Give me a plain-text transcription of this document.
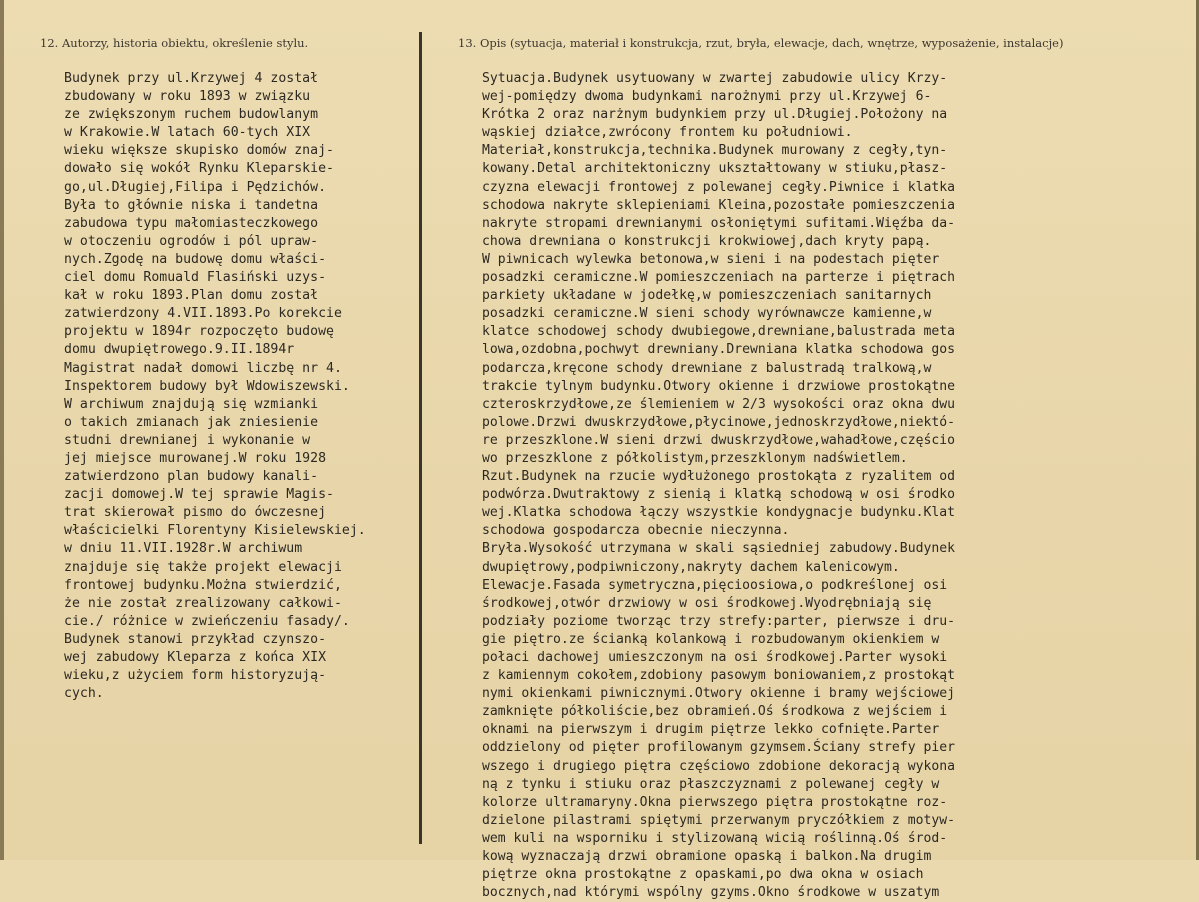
12. Autorzy, historia obiektu, określenie stylu.	13. Opis (sytuacja, materiał i konstrukcja, rzut, bryła, elewacje, dach, wnętrze, wyposażenie, instalacje)
Budynek przy ul.Krzywej 4 został
zbudowany w roku 1893 w związku
ze zwiększonym ruchem budowlanym
w Krakowie.W latach 60-tych XIX
wieku większe skupisko domów znaj-
dowało się wokół Rynku Kleparskie-
go,ul.Długiej,Filipa i Pędzichów.
Była to głównie niska i tandetna
zabudowa typu małomiasteczkowego
w otoczeniu ogrodów i pól upraw-
nych.Zgodę na budowę domu właści-
ciel domu Romuald Flasiński uzys-
kał w roku 1893.Plan domu został
zatwierdzony 4.VII.1893.Po korekcie
projektu w 1894r rozpoczęto budowę
domu dwupiętrowego.9.II.1894r
Magistrat nadał domowi liczbę nr 4.
Inspektorem budowy był Wdowiszewski.
W archiwum znajdują się wzmianki
o takich zmianach jak zniesienie
studni drewnianej i wykonanie w
jej miejsce murowanej.W roku 1928
zatwierdzono plan budowy kanali-
zacji domowej.W tej sprawie Magis-
trat skierował pismo do ówczesnej
właścicielki Florentyny Kisielewskiej.
w dniu 11.VII.1928r.W archiwum
znajduje się także projekt elewacji
frontowej budynku.Można stwierdzić,
że nie został zrealizowany całkowi-
cie./ różnice w zwieńczeniu fasady/.
Budynek stanowi przykład czynszo-
wej zabudowy Kleparza z końca XIX
wieku,z użyciem form historyzują-
cych.
Sytuacja.Budynek usytuowany w zwartej zabudowie ulicy Krzy-
wej-pomiędzy dwoma budynkami narożnymi przy ul.Krzywej 6-
Krótka 2 oraz narżnym budynkiem przy ul.Długiej.Położony na
wąskiej działce,zwrócony frontem ku południowi.
Materiał,konstrukcja,technika.Budynek murowany z cegły,tyn-
kowany.Detal architektoniczny ukształtowany w stiuku,płasz-
czyzna elewacji frontowej z polewanej cegły.Piwnice i klatka
schodowa nakryte sklepieniami Kleina,pozostałe pomieszczenia
nakryte stropami drewnianymi osłoniętymi sufitami.Więźba da-
chowa drewniana o konstrukcji krokwiowej,dach kryty papą.
W piwnicach wylewka betonowa,w sieni i na podestach pięter
posadzki ceramiczne.W pomieszczeniach na parterze i piętrach
parkiety układane w jodełkę,w pomieszczeniach sanitarnych
posadzki ceramiczne.W sieni schody wyrównawcze kamienne,w
klatce schodowej schody dwubiegowe,drewniane,balustrada meta
lowa,ozdobna,pochwyt drewniany.Drewniana klatka schodowa gos
podarcza,kręcone schody drewniane z balustradą tralkową,w
trakcie tylnym budynku.Otwory okienne i drzwiowe prostokątne
czteroskrzydłowe,ze ślemieniem w 2/3 wysokości oraz okna dwu
polowe.Drzwi dwuskrzydłowe,płycinowe,jednoskrzydłowe,niektó-
re przeszklone.W sieni drzwi dwuskrzydłowe,wahadłowe,częścio
wo przeszklone z półkolistym,przeszklonym nadświetlem.
Rzut.Budynek na rzucie wydłużonego prostokąta z ryzalitem od
podwórza.Dwutraktowy z sienią i klatką schodową w osi środko
wej.Klatka schodowa łączy wszystkie kondygnacje budynku.Klat
schodowa gospodarcza obecnie nieczynna.
Bryła.Wysokość utrzymana w skali sąsiedniej zabudowy.Budynek
dwupiętrowy,podpiwniczony,nakryty dachem kalenicowym.
Elewacje.Fasada symetryczna,pięcioosiowa,o podkreślonej osi
środkowej,otwór drzwiowy w osi środkowej.Wyodrębniają się
podziały poziome tworząc trzy strefy:parter, pierwsze i dru-
gie piętro.ze ścianką kolankową i rozbudowanym okienkiem w
połaci dachowej umieszczonym na osi środkowej.Parter wysoki
z kamiennym cokołem,zdobiony pasowym boniowaniem,z prostokąt
nymi okienkami piwnicznymi.Otwory okienne i bramy wejściowej
zamknięte półkoliście,bez obramień.Oś środkowa z wejściem i
oknami na pierwszym i drugim piętrze lekko cofnięte.Parter
oddzielony od pięter profilowanym gzymsem.Ściany strefy pier
wszego i drugiego piętra częściowo zdobione dekoracją wykona
ną z tynku i stiuku oraz płaszczyznami z polewanej cegły w
kolorze ultramaryny.Okna pierwszego piętra prostokątne roz-
dzielone pilastrami spiętymi przerwanym pryczółkiem z motyw-
wem kuli na wsporniku i stylizowaną wicią roślinną.Oś środ-
kową wyznaczają drzwi obramione opaską i balkon.Na drugim
piętrze okna prostokątne z opaskami,po dwa okna w osiach
bocznych,nad którymi wspólny gzyms.Okno środkowe w uszatym
